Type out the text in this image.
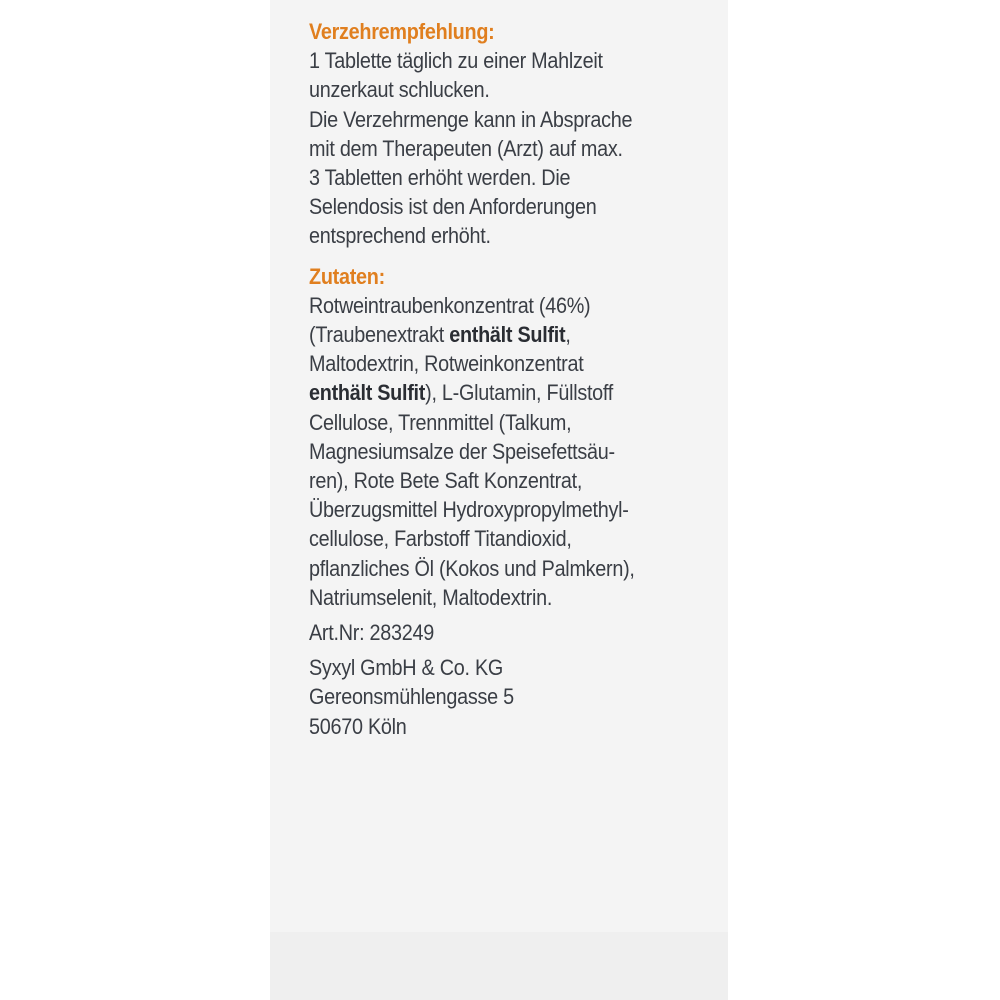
Verzehrempfehlung:

1 Tablette täglich zu einer Mahlzeit

unzerkaut schlucken.

Die Verzehrmenge kann in Absprache

mit dem Therapeuten (Arzt) auf max.

3 Tabletten erhöht werden. Die

Selendosis ist den Anforderungen

entsprechend erhöht.

Zutaten:

Rotweintraubenkonzentrat (46%)

(Traubenextrakt enthält Sulfit,

Maltodextrin, Rotweinkonzentrat

enthält Sulfit), L-Glutamin, Füllstoff

Cellulose, Trennmittel (Talkum,

Magnesiumsalze der Speisefettsäu-

ren), Rote Bete Saft Konzentrat,

Überzugsmittel Hydroxypropylmethyl-

cellulose, Farbstoff Titandioxid,

pflanzliches Öl (Kokos und Palmkern),

Natriumselenit, Maltodextrin.

Art.Nr: 283249

Syxyl GmbH & Co. KG

Gereonsmühlengasse 5

50670 Köln
